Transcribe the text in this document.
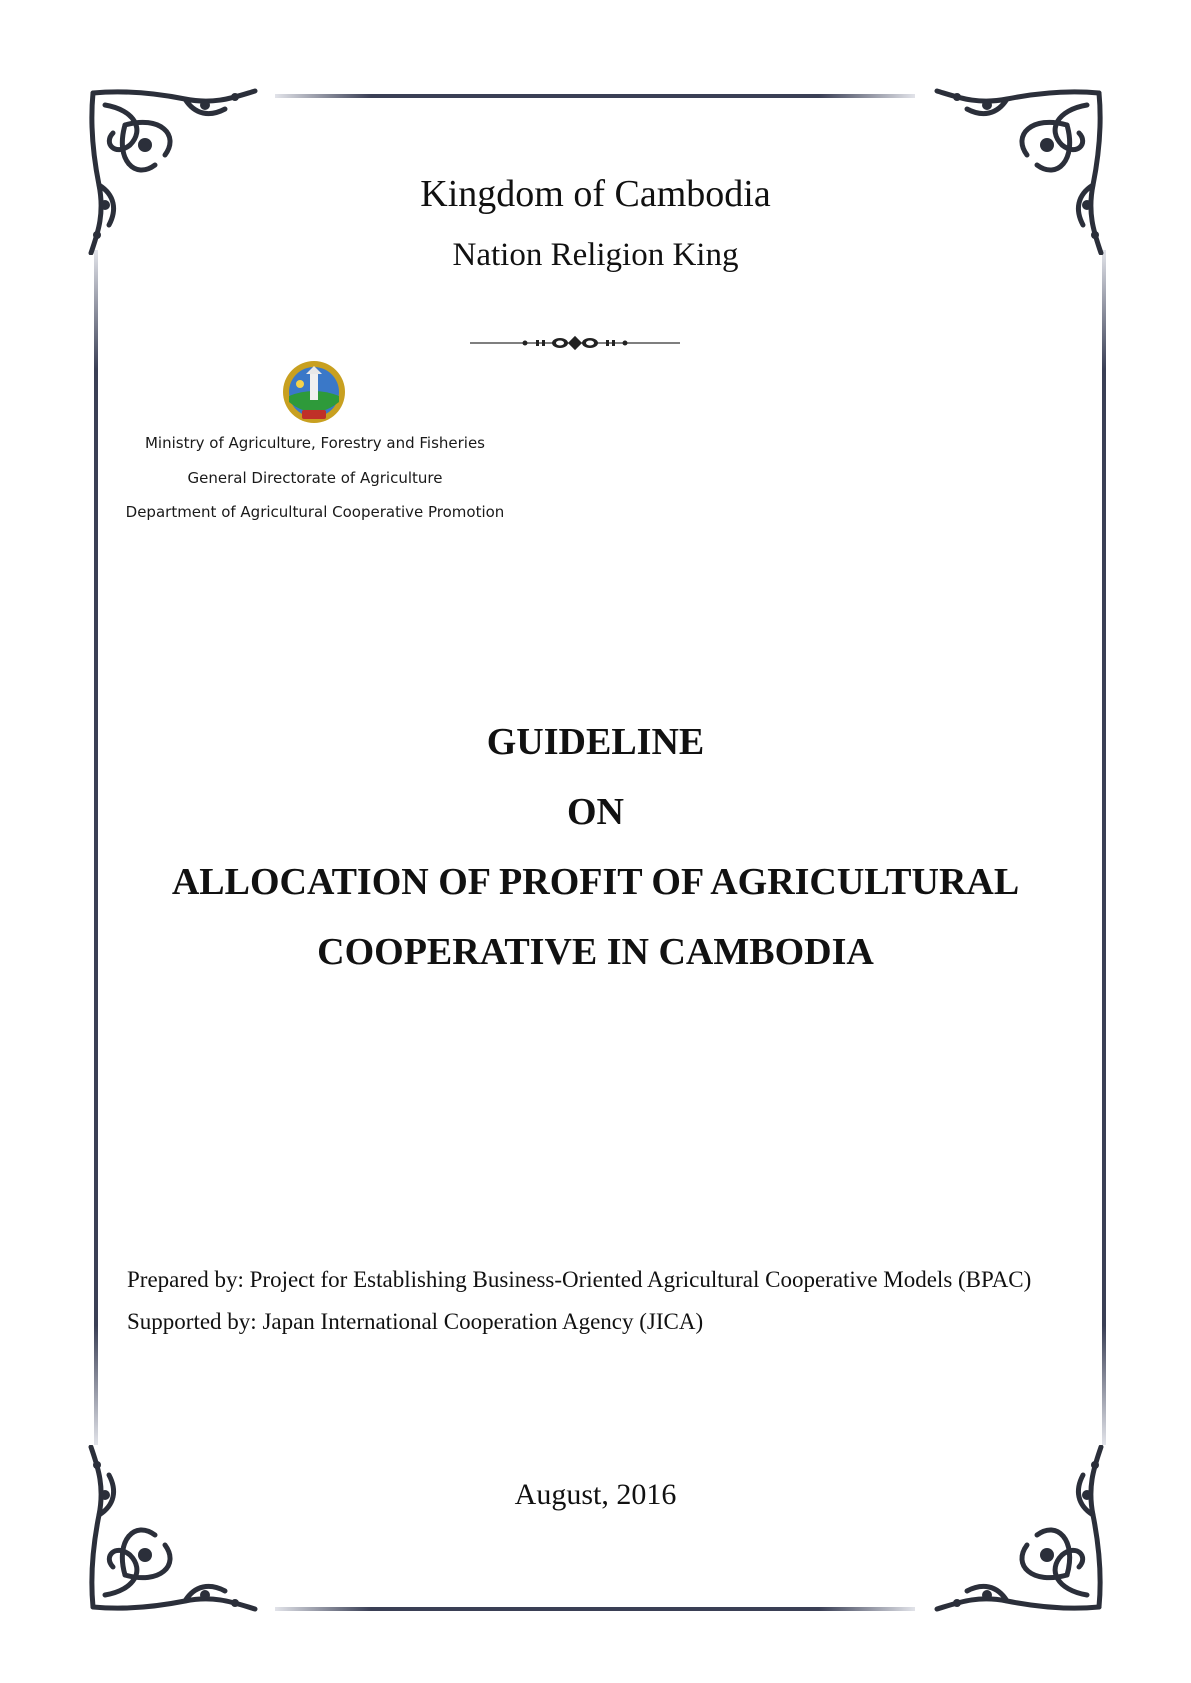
Kingdom of Cambodia
Nation Religion King
Ministry of Agriculture, Forestry and Fisheries
General Directorate of Agriculture
Department of Agricultural Cooperative Promotion
GUIDELINE
ON
ALLOCATION OF PROFIT OF AGRICULTURAL
COOPERATIVE IN CAMBODIA
Prepared by: Project for Establishing Business-Oriented Agricultural Cooperative Models (BPAC)
Supported by: Japan International Cooperation Agency (JICA)
August, 2016
